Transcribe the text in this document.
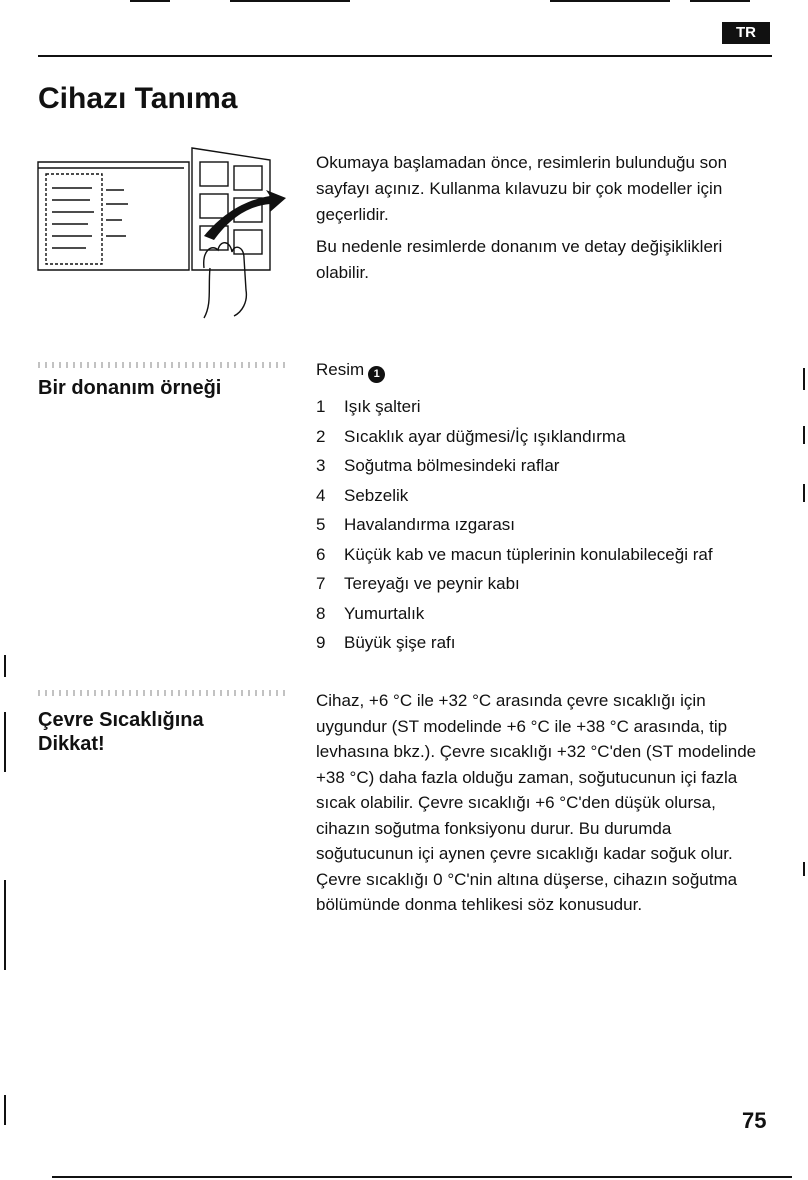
TR
Cihazı Tanıma

Okumaya başlamadan önce, resimlerin bulunduğu son sayfayı açınız. Kullanma kılavuzu bir çok modeller için geçerlidir.

Bu nedenle resimlerde donanım ve detay değişiklikleri olabilir.

Bir donanım örneği
Resim 1
1 Işık şalteri
2 Sıcaklık ayar düğmesi/İç ışıklandırma
3 Soğutma bölmesindeki raflar
4 Sebzelik
5 Havalandırma ızgarası
6 Küçük kab ve macun tüplerinin konulabileceği raf
7 Tereyağı ve peynir kabı
8 Yumurtalık
9 Büyük şişe rafı
Çevre Sıcaklığına
Dikkat!

Cihaz, +6 °C ile +32 °C arasında çevre sıcaklığı için uygundur (ST modelinde +6 °C ile +38 °C arasında, tip levhasına bkz.). Çevre sıcaklığı +32 °C'den (ST modelinde +38 °C) daha fazla olduğu zaman, soğutucunun içi fazla sıcak olabilir. Çevre sıcaklığı +6 °C'den düşük olursa, cihazın soğutma fonksiyonu durur. Bu durumda soğutucunun içi aynen çevre sıcaklığı kadar soğuk olur. Çevre sıcaklığı 0 °C'nin altına düşerse, cihazın soğutma bölümünde donma tehlikesi söz konusudur.

75
